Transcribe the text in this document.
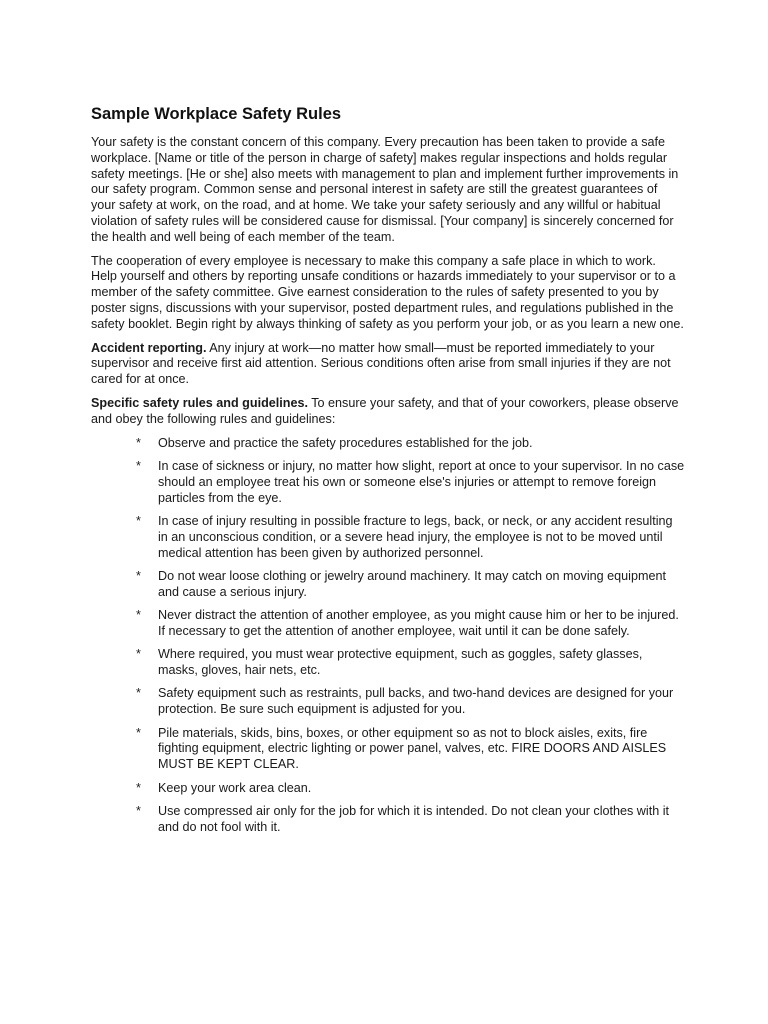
Sample Workplace Safety Rules

Your safety is the constant concern of this company. Every precaution has been taken to provide a safe workplace. [Name or title of the person in charge of safety] makes regular inspections and holds regular safety meetings. [He or she] also meets with management to plan and implement further improvements in our safety program. Common sense and personal interest in safety are still the greatest guarantees of your safety at work, on the road, and at home. We take your safety seriously and any willful or habitual violation of safety rules will be considered cause for dismissal. [Your company] is sincerely concerned for the health and well being of each member of the team.

The cooperation of every employee is necessary to make this company a safe place in which to work. Help yourself and others by reporting unsafe conditions or hazards immediately to your supervisor or to a member of the safety committee. Give earnest consideration to the rules of safety presented to you by poster signs, discussions with your supervisor, posted department rules, and regulations published in the safety booklet. Begin right by always thinking of safety as you perform your job, or as you learn a new one.

Accident reporting. Any injury at work—no matter how small—must be reported immediately to your supervisor and receive first aid attention. Serious conditions often arise from small injuries if they are not cared for at once.

Specific safety rules and guidelines. To ensure your safety, and that of your coworkers, please observe and obey the following rules and guidelines:

* Observe and practice the safety procedures established for the job.
* In case of sickness or injury, no matter how slight, report at once to your supervisor. In no case should an employee treat his own or someone else's injuries or attempt to remove foreign particles from the eye.
* In case of injury resulting in possible fracture to legs, back, or neck, or any accident resulting in an unconscious condition, or a severe head injury, the employee is not to be moved until medical attention has been given by authorized personnel.
* Do not wear loose clothing or jewelry around machinery. It may catch on moving equipment and cause a serious injury.
* Never distract the attention of another employee, as you might cause him or her to be injured. If necessary to get the attention of another employee, wait until it can be done safely.
* Where required, you must wear protective equipment, such as goggles, safety glasses, masks, gloves, hair nets, etc.
* Safety equipment such as restraints, pull backs, and two-hand devices are designed for your protection. Be sure such equipment is adjusted for you.
* Pile materials, skids, bins, boxes, or other equipment so as not to block aisles, exits, fire fighting equipment, electric lighting or power panel, valves, etc. FIRE DOORS AND AISLES MUST BE KEPT CLEAR.
* Keep your work area clean.
* Use compressed air only for the job for which it is intended. Do not clean your clothes with it and do not fool with it.
